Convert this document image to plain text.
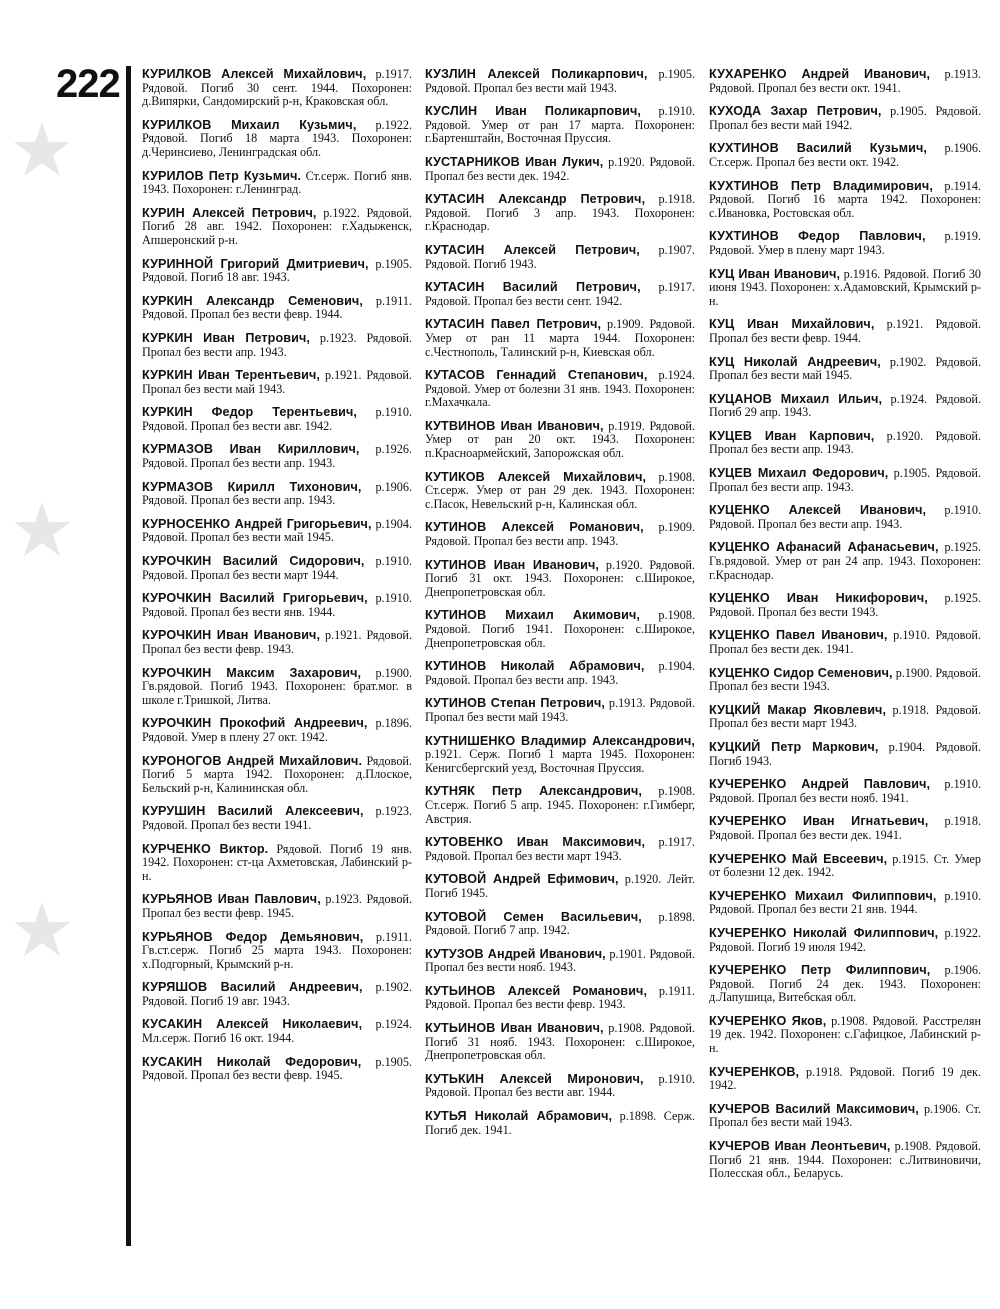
222 КУРИЛКОВ Алексей Михайлович, р.1917. Рядовой. Погиб 30 сент. 1944. Похоронен: д.Випярки, Сандомирский р-н, Краковская обл.

КУРИЛКОВ Михаил Кузьмич, р.1922. Рядовой. Погиб 18 марта 1943. Похоронен: д.Черинсиево, Ленинградская обл.

КУРИЛОВ Петр Кузьмич. Ст.серж. Погиб янв. 1943. Похоронен: г.Ленинград.

КУРИН Алексей Петрович, р.1922. Рядовой. Погиб 28 авг. 1942. Похоронен: г.Хадыженск, Апшеронский р-н.

КУРИННОЙ Григорий Дмитриевич, р.1905. Рядовой. Погиб 18 авг. 1943.

КУРКИН Александр Семенович, р.1911. Рядовой. Пропал без вести февр. 1944.

КУРКИН Иван Петрович, р.1923. Рядовой. Пропал без вести апр. 1943.

КУРКИН Иван Терентьевич, р.1921. Рядовой. Пропал без вести май 1943.

КУРКИН Федор Терентьевич, р.1910. Рядовой. Пропал без вести авг. 1942.

КУРМАЗОВ Иван Кириллович, р.1926. Рядовой. Пропал без вести апр. 1943.

КУРМАЗОВ Кирилл Тихонович, р.1906. Рядовой. Пропал без вести апр. 1943.

КУРНОСЕНКО Андрей Григорьевич, р.1904. Рядовой. Пропал без вести май 1945.

КУРОЧКИН Василий Сидорович, р.1910. Рядовой. Пропал без вести март 1944.

КУРОЧКИН Василий Григорьевич, р.1910. Рядовой. Пропал без вести янв. 1944.

КУРОЧКИН Иван Иванович, р.1921. Рядовой. Пропал без вести февр. 1943.

КУРОЧКИН Максим Захарович, р.1900. Гв.рядовой. Погиб 1943. Похоронен: брат.мог. в школе г.Тришкой, Литва.

КУРОЧКИН Прокофий Андреевич, р.1896. Рядовой. Умер в плену 27 окт. 1942.

КУРОНОГОВ Андрей Михайлович. Рядовой. Погиб 5 марта 1942. Похоронен: д.Плоское, Бельский р-н, Калининская обл.

КУРУШИН Василий Алексеевич, р.1923. Рядовой. Пропал без вести 1941.

КУРЧЕНКО Виктор. Рядовой. Погиб 19 янв. 1942. Похоронен: ст-ца Ахметовская, Лабинский р-н.

КУРЬЯНОВ Иван Павлович, р.1923. Рядовой. Пропал без вести февр. 1945.

КУРЬЯНОВ Федор Демьянович, р.1911. Гв.ст.серж. Погиб 25 марта 1943. Похоронен: х.Подгорный, Крымский р-н.

КУРЯШОВ Василий Андреевич, р.1902. Рядовой. Погиб 19 авг. 1943.

КУСАКИН Алексей Николаевич, р.1924. Мл.серж. Погиб 16 окт. 1944.

КУСАКИН Николай Федорович, р.1905. Рядовой. Пропал без вести февр. 1945.

КУЗЛИН Алексей Поликарпович, р.1905. Рядовой. Пропал без вести май 1943.

КУСЛИН Иван Поликарпович, р.1910. Рядовой. Умер от ран 17 марта. Похоронен: г.Бартенштайн, Восточная Пруссия.

КУСТАРНИКОВ Иван Лукич, р.1920. Рядовой. Пропал без вести дек. 1942.

КУТАСИН Александр Петрович, р.1918. Рядовой. Погиб 3 апр. 1943. Похоронен: г.Краснодар.

КУТАСИН Алексей Петрович, р.1907. Рядовой. Погиб 1943.

КУТАСИН Василий Петрович, р.1917. Рядовой. Пропал без вести сент. 1942.

КУТАСИН Павел Петрович, р.1909. Рядовой. Умер от ран 11 марта 1944. Похоронен: с.Честнополь, Талинский р-н, Киевская обл.

КУТАСОВ Геннадий Степанович, р.1924. Рядовой. Умер от болезни 31 янв. 1943. Похоронен: г.Махачкала.

КУТВИНОВ Иван Иванович, р.1919. Рядовой. Умер от ран 20 окт. 1943. Похоронен: п.Красноармейский, Запорожская обл.

КУТИКОВ Алексей Михайлович, р.1908. Ст.серж. Умер от ран 29 дек. 1943. Похоронен: с.Пасок, Невельский р-н, Калинская обл.

КУТИНОВ Алексей Романович, р.1909. Рядовой. Пропал без вести апр. 1943.

КУТИНОВ Иван Иванович, р.1920. Рядовой. Погиб 31 окт. 1943. Похоронен: с.Широкое, Днепропетровская обл.

КУТИНОВ Михаил Акимович, р.1908. Рядовой. Погиб 1941. Похоронен: с.Широкое, Днепропетровская обл.

КУТИНОВ Николай Абрамович, р.1904. Рядовой. Пропал без вести апр. 1943.

КУТИНОВ Степан Петрович, р.1913. Рядовой. Пропал без вести май 1943.

КУТНИШЕНКО Владимир Александрович, р.1921. Серж. Погиб 1 марта 1945. Похоронен: Кенигсбергский уезд, Восточная Пруссия.

КУТНЯК Петр Александрович, р.1908. Ст.серж. Погиб 5 апр. 1945. Похоронен: г.Гимберг, Австрия.

КУТОВЕНКО Иван Максимович, р.1917. Рядовой. Пропал без вести март 1943.

КУТОВОЙ Андрей Ефимович, р.1920. Лейт. Погиб 1945.

КУТОВОЙ Семен Васильевич, р.1898. Рядовой. Погиб 7 апр. 1942.

КУТУЗОВ Андрей Иванович, р.1901. Рядовой. Пропал без вести нояб. 1943.

КУТЬИНОВ Алексей Романович, р.1911. Рядовой. Пропал без вести февр. 1943.

КУТЬИНОВ Иван Иванович, р.1908. Рядовой. Погиб 31 нояб. 1943. Похоронен: с.Широкое, Днепропетровская обл.

КУТЬКИН Алексей Миронович, р.1910. Рядовой. Пропал без вести авг. 1944.

КУТЬЯ Николай Абрамович, р.1898. Серж. Погиб дек. 1941.

КУХАРЕНКО Андрей Иванович, р.1913. Рядовой. Пропал без вести окт. 1941.

КУХОДА Захар Петрович, р.1905. Рядовой. Пропал без вести май 1942.

КУХТИНОВ Василий Кузьмич, р.1906. Ст.серж. Пропал без вести окт. 1942.

КУХТИНОВ Петр Владимирович, р.1914. Рядовой. Погиб 16 марта 1942. Похоронен: с.Ивановка, Ростовская обл.

КУХТИНОВ Федор Павлович, р.1919. Рядовой. Умер в плену март 1943.

КУЦ Иван Иванович, р.1916. Рядовой. Погиб 30 июня 1943. Похоронен: х.Адамовский, Крымский р-н.

КУЦ Иван Михайлович, р.1921. Рядовой. Пропал без вести февр. 1944.

КУЦ Николай Андреевич, р.1902. Рядовой. Пропал без вести май 1945.

КУЦАНОВ Михаил Ильич, р.1924. Рядовой. Погиб 29 апр. 1943.

КУЦЕВ Иван Карпович, р.1920. Рядовой. Пропал без вести апр. 1943.

КУЦЕВ Михаил Федорович, р.1905. Рядовой. Пропал без вести апр. 1943.

КУЦЕНКО Алексей Иванович, р.1910. Рядовой. Пропал без вести апр. 1943.

КУЦЕНКО Афанасий Афанасьевич, р.1925. Гв.рядовой. Умер от ран 24 апр. 1943. Похоронен: г.Краснодар.

КУЦЕНКО Иван Никифорович, р.1925. Рядовой. Пропал без вести 1943.

КУЦЕНКО Павел Иванович, р.1910. Рядовой. Пропал без вести дек. 1941.

КУЦЕНКО Сидор Семенович, р.1900. Рядовой. Пропал без вести 1943.

КУЦКИЙ Макар Яковлевич, р.1918. Рядовой. Пропал без вести март 1943.

КУЦКИЙ Петр Маркович, р.1904. Рядовой. Погиб 1943.

КУЧЕРЕНКО Андрей Павлович, р.1910. Рядовой. Пропал без вести нояб. 1941.

КУЧЕРЕНКО Иван Игнатьевич, р.1918. Рядовой. Пропал без вести дек. 1941.

КУЧЕРЕНКО Май Евсеевич, р.1915. Ст. Умер от болезни 12 дек. 1942.

КУЧЕРЕНКО Михаил Филиппович, р.1910. Рядовой. Пропал без вести 21 янв. 1944.

КУЧЕРЕНКО Николай Филиппович, р.1922. Рядовой. Погиб 19 июля 1942.

КУЧЕРЕНКО Петр Филиппович, р.1906. Рядовой. Погиб 24 дек. 1943. Похоронен: д.Лапушица, Витебская обл.

КУЧЕРЕНКО Яков, р.1908. Рядовой. Расстрелян 19 дек. 1942. Похоронен: с.Гафицкое, Лабинский р-н.

КУЧЕРЕНКОВ, р.1918. Рядовой. Погиб 19 дек. 1942.

КУЧЕРОВ Василий Максимович, р.1906. Ст. Пропал без вести май 1943.

КУЧЕРОВ Иван Леонтьевич, р.1908. Рядовой. Погиб 21 янв. 1944. Похоронен: с.Литвиновичи, Полесская обл., Беларусь.
